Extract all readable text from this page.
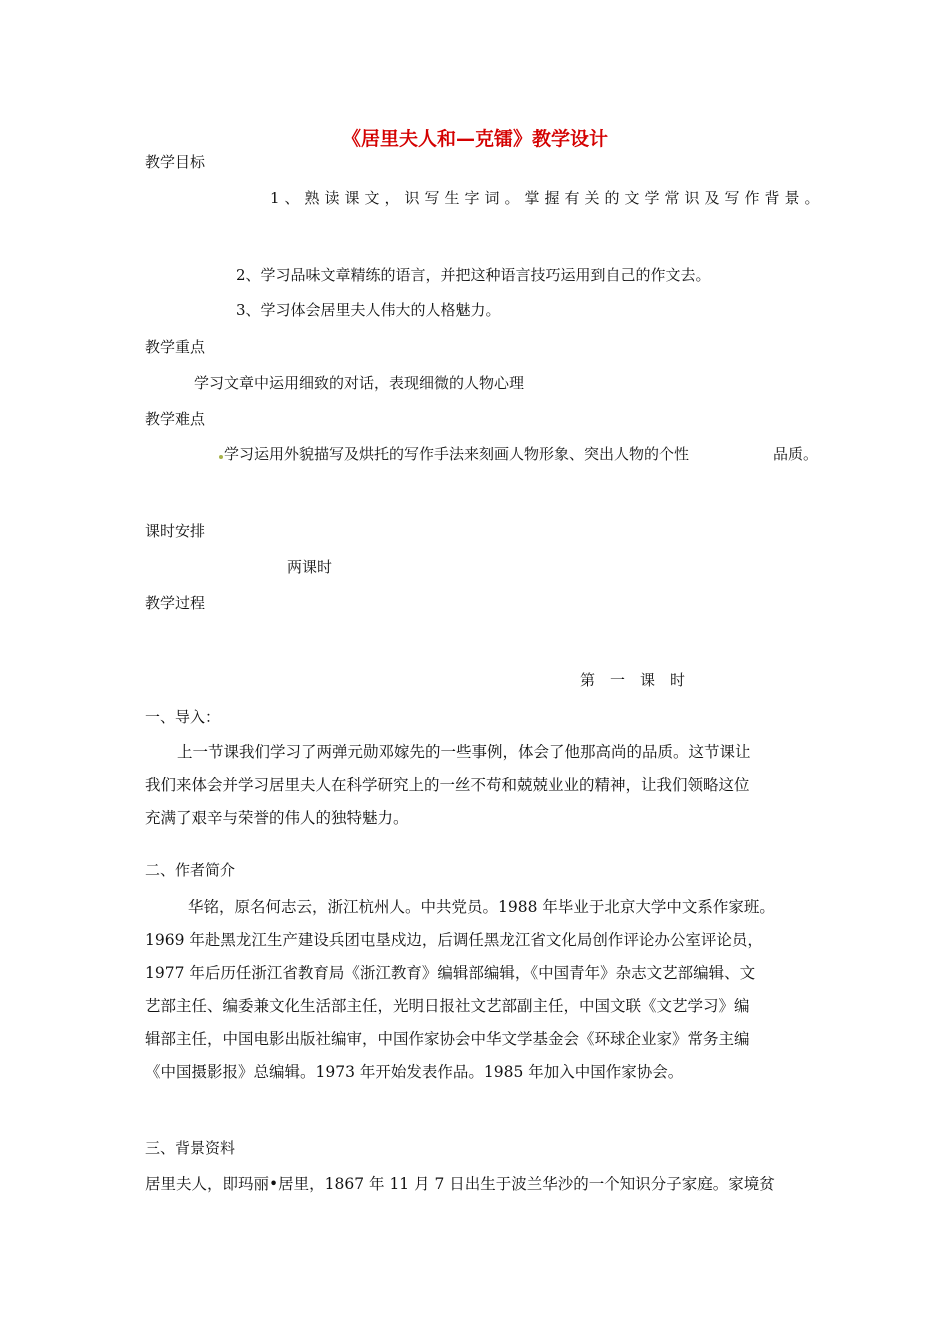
《居里夫人和—克镭》教学设计
教学目标
1、熟读课文，识写生字词。掌握有关的文学常识及写作背景。
2、学习品味文章精练的语言，并把这种语言技巧运用到自己的作文去。
3、学习体会居里夫人伟大的人格魅力。
教学重点
学习文章中运用细致的对话，表现细微的人物心理
教学难点
学习运用外貌描写及烘托的写作手法来刻画人物形象、突出人物的个性	品质。
课时安排
两课时
教学过程
第　一　课　时
一、导入：
上一节课我们学习了两弹元勋邓嫁先的一些事例，体会了他那高尚的品质。这节课让
我们来体会并学习居里夫人在科学研究上的一丝不苟和兢兢业业的精神，让我们领略这位
充满了艰辛与荣誉的伟人的独特魅力。
二、作者简介
华铭，原名何志云，浙江杭州人。中共党员。1988 年毕业于北京大学中文系作家班。
1969 年赴黑龙江生产建设兵团屯垦戍边，后调任黑龙江省文化局创作评论办公室评论员，
1977 年后历任浙江省教育局《浙江教育》编辑部编辑，《中国青年》杂志文艺部编辑、文
艺部主任、编委兼文化生活部主任，光明日报社文艺部副主任，中国文联《文艺学习》编
辑部主任，中国电影出版社编审，中国作家协会中华文学基金会《环球企业家》常务主编
《中国摄影报》总编辑。1973 年开始发表作品。1985 年加入中国作家协会。
三、背景资料
居里夫人，即玛丽•居里，1867 年 11 月 7 日出生于波兰华沙的一个知识分子家庭。家境贫
